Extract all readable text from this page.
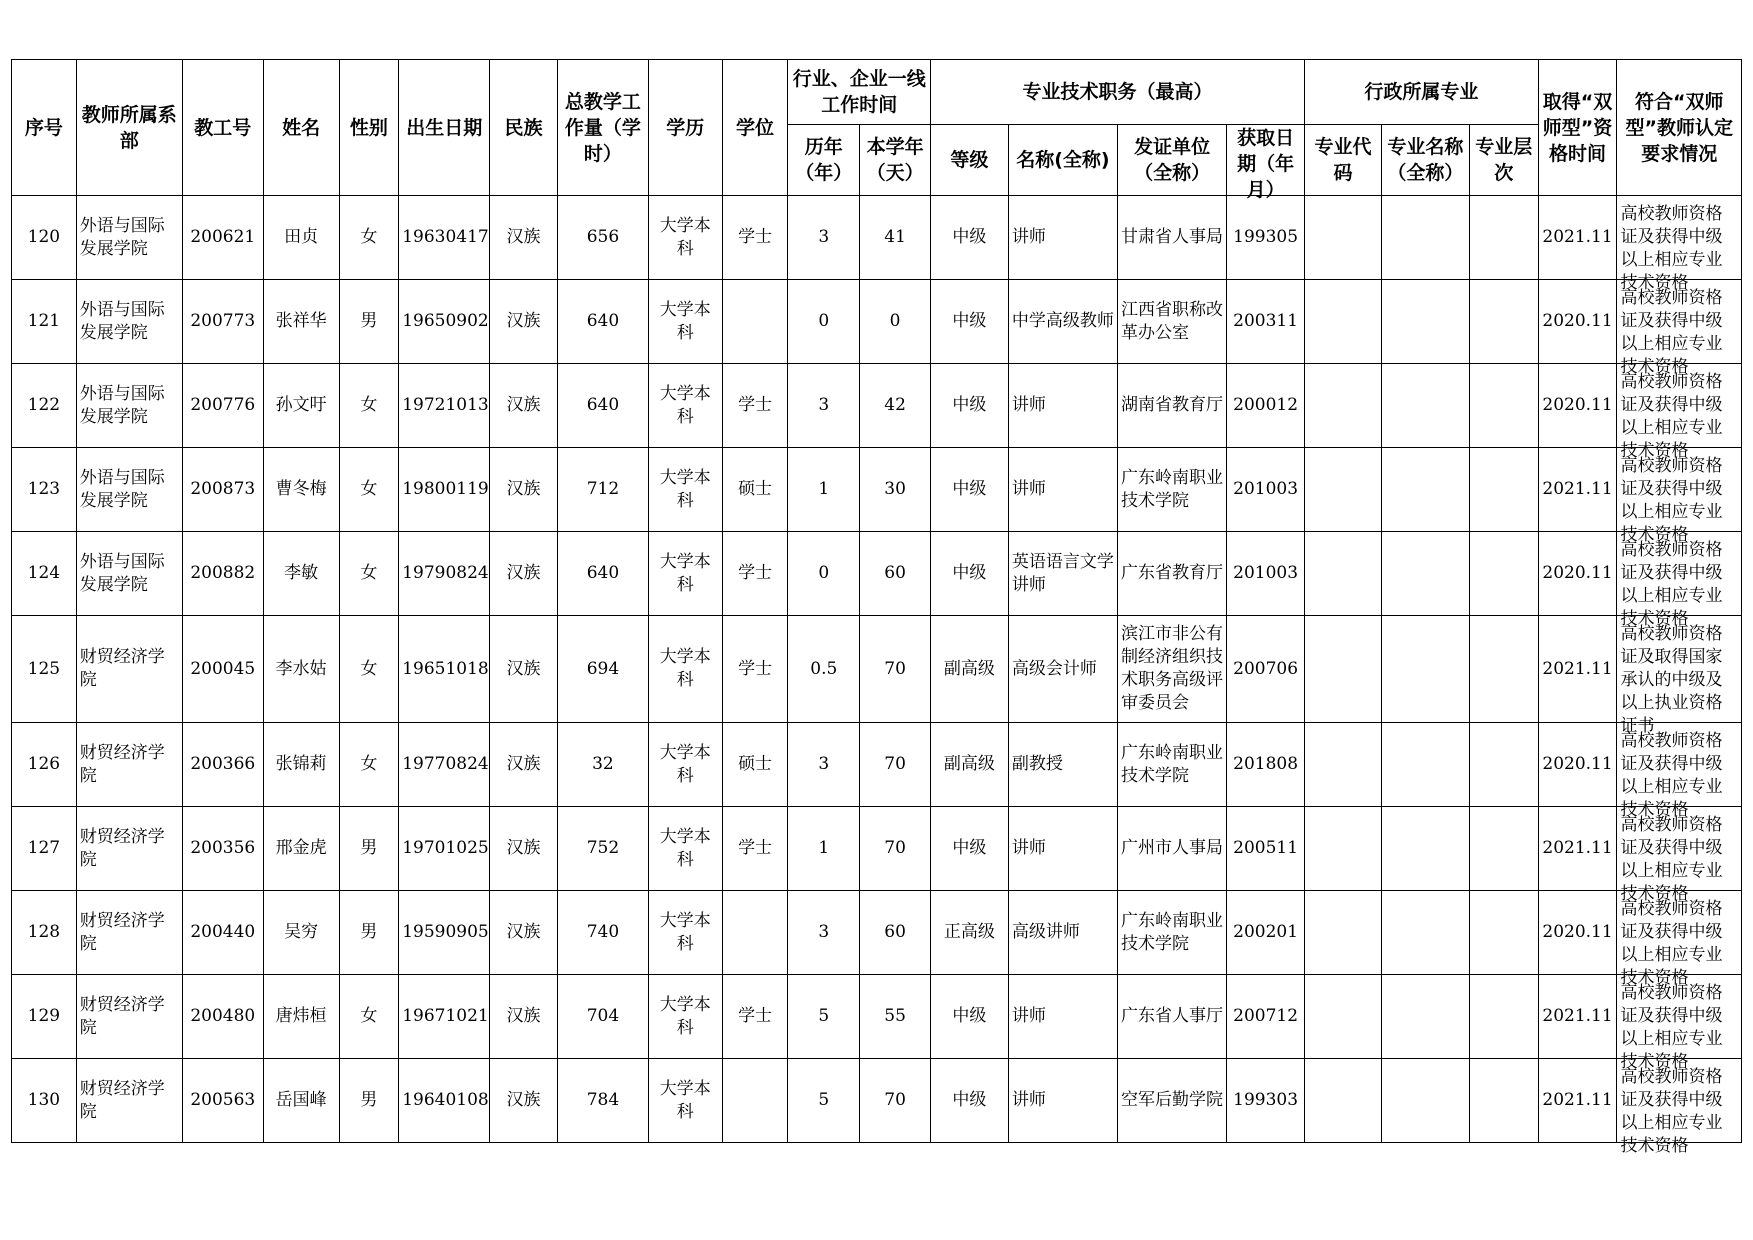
序号	教师所属系部	教工号	姓名	性别	出生日期	民族	总教学工作量（学时）	学历	学位	行业、企业一线工作时间		专业技术职务（最高）				行政所属专业			取得“双师型”资格时间	符合“双师型”教师认定要求情况

										历年（年）	本学年（天）	等级	名称(全称)	发证单位（全称）	获取日期（年月）	专业代码	专业名称（全称）	专业层次		

120	外语与国际发展学院	200621	田贞	女	19630417	汉族	656	大学本科	学士	3	41	中级	讲师	甘肃省人事局	199305				2021.11	高校教师资格证及获得中级以上相应专业技术资格

121	外语与国际发展学院	200773	张祥华	男	19650902	汉族	640	大学本科		0	0	中级	中学高级教师	江西省职称改革办公室	200311				2020.11	高校教师资格证及获得中级以上相应专业技术资格

122	外语与国际发展学院	200776	孙文吁	女	19721013	汉族	640	大学本科	学士	3	42	中级	讲师	湖南省教育厅	200012				2020.11	高校教师资格证及获得中级以上相应专业技术资格

123	外语与国际发展学院	200873	曹冬梅	女	19800119	汉族	712	大学本科	硕士	1	30	中级	讲师	广东岭南职业技术学院	201003				2021.11	高校教师资格证及获得中级以上相应专业技术资格

124	外语与国际发展学院	200882	李敏	女	19790824	汉族	640	大学本科	学士	0	60	中级	英语语言文学讲师	广东省教育厅	201003				2020.11	高校教师资格证及获得中级以上相应专业技术资格

125	财贸经济学院	200045	李水姑	女	19651018	汉族	694	大学本科	学士	0.5	70	副高级	高级会计师	滨江市非公有制经济组织技术职务高级评审委员会	200706				2021.11	高校教师资格证及取得国家承认的中级及以上执业资格证书

126	财贸经济学院	200366	张锦莉	女	19770824	汉族	32	大学本科	硕士	3	70	副高级	副教授	广东岭南职业技术学院	201808				2020.11	高校教师资格证及获得中级以上相应专业技术资格

127	财贸经济学院	200356	邢金虎	男	19701025	汉族	752	大学本科	学士	1	70	中级	讲师	广州市人事局	200511				2021.11	高校教师资格证及获得中级以上相应专业技术资格

128	财贸经济学院	200440	吴穷	男	19590905	汉族	740	大学本科		3	60	正高级	高级讲师	广东岭南职业技术学院	200201				2020.11	高校教师资格证及获得中级以上相应专业技术资格

129	财贸经济学院	200480	唐炜桓	女	19671021	汉族	704	大学本科	学士	5	55	中级	讲师	广东省人事厅	200712				2021.11	高校教师资格证及获得中级以上相应专业技术资格

130	财贸经济学院	200563	岳国峰	男	19640108	汉族	784	大学本科		5	70	中级	讲师	空军后勤学院	199303				2021.11	高校教师资格证及获得中级以上相应专业技术资格
